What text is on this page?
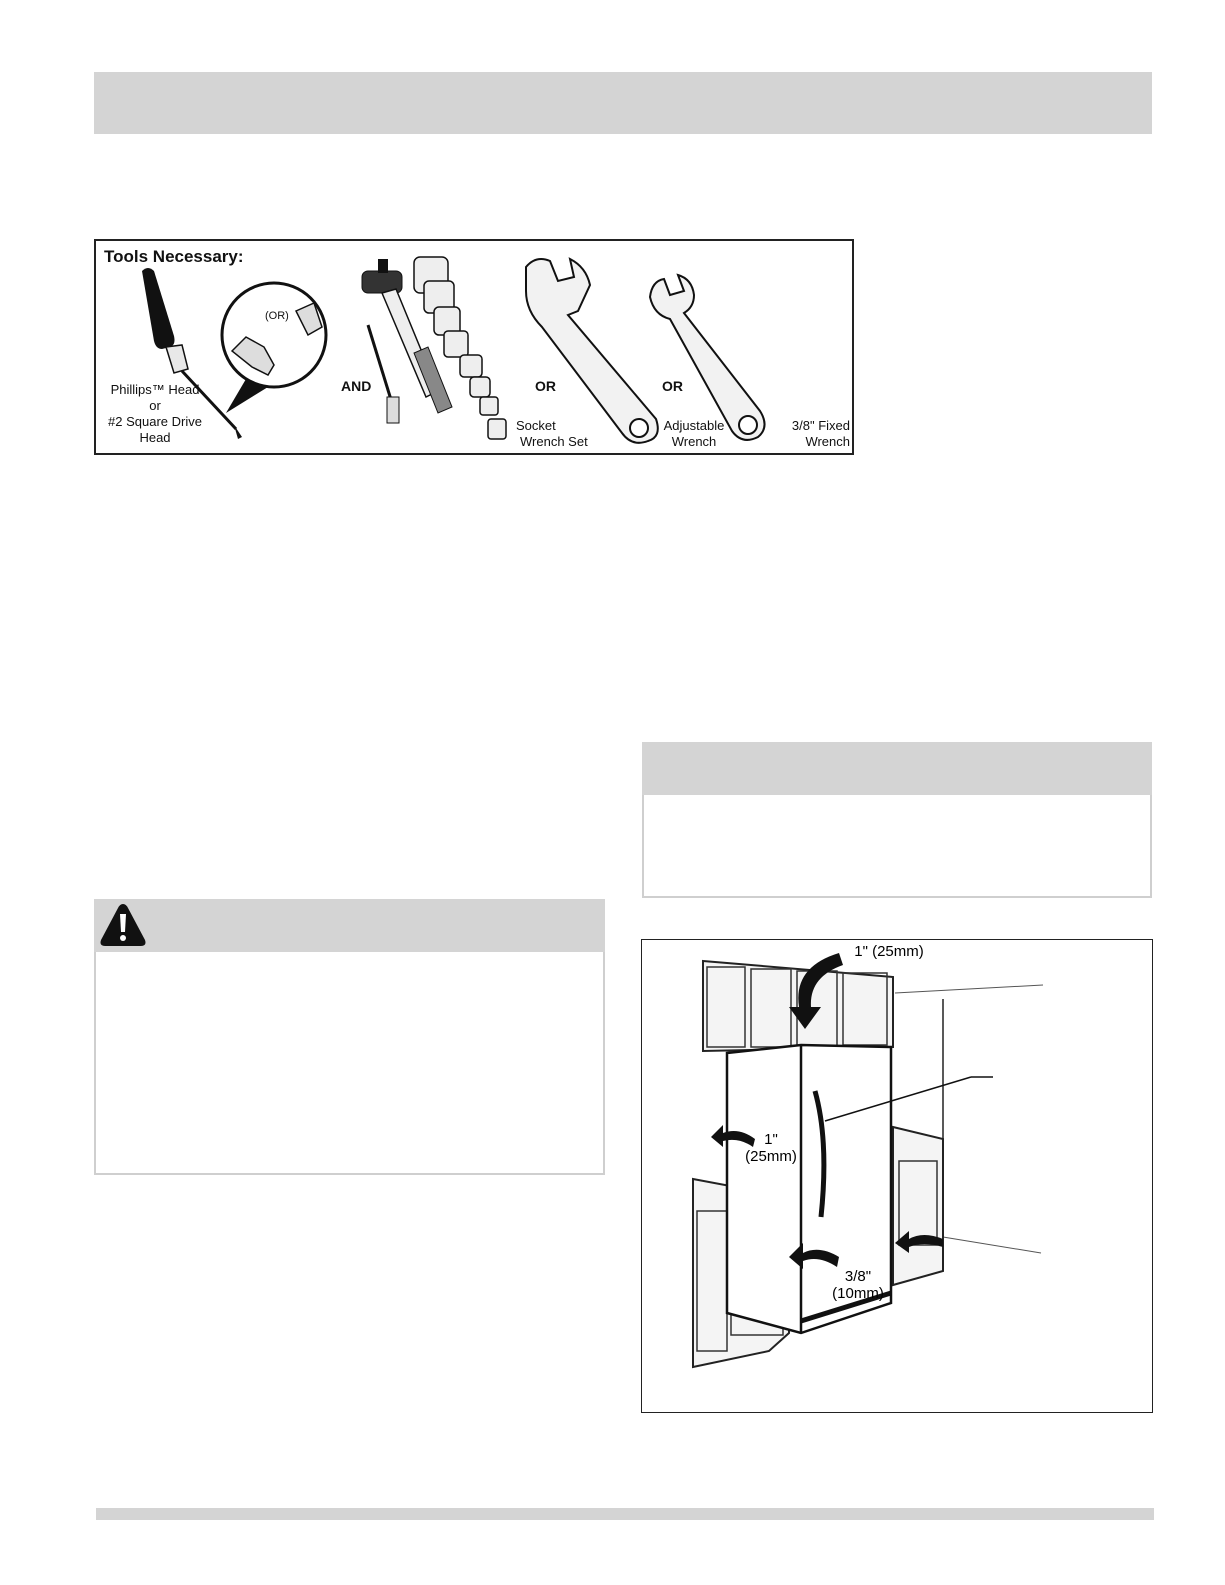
Tools Necessary:
Phillips™ Head
or
#2 Square Drive
Head
(OR)
AND	OR	OR
Socket
Wrench Set
Adjustable
Wrench
3/8" Fixed
Wrench
1" (25mm)
1"
(25mm)
3/8"
(10mm)
